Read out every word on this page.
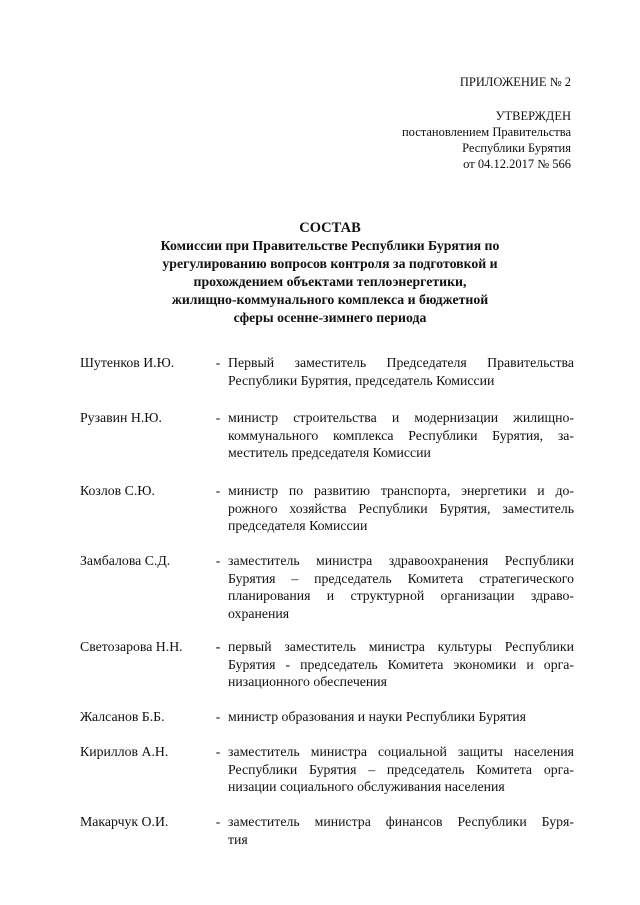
ПРИЛОЖЕНИЕ № 2
УТВЕРЖДЕН
постановлением Правительства
Республики Бурятия
от 04.12.2017 № 566
СОСТАВ
Комиссии при Правительстве Республики Бурятия по
урегулированию вопросов контроля за подготовкой и
прохождением объектами теплоэнергетики,
жилищно-коммунального комплекса и бюджетной
сферы осенне-зимнего периода
Шутенков И.Ю.	- Первый заместитель Председателя Правительства
Республики Бурятия, председатель Комиссии
Рузавин Н.Ю.	- министр строительства и модернизации жилищно-
коммунального комплекса Республики Бурятия, за-
меститель председателя Комиссии
Козлов С.Ю.	- министр по развитию транспорта, энергетики и до-
рожного хозяйства Республики Бурятия, заместитель
председателя Комиссии
Замбалова С.Д.	- заместитель министра здравоохранения Республики
Бурятия – председатель Комитета стратегического
планирования и структурной организации здраво-
охранения
Светозарова Н.Н.	- первый заместитель министра культуры Республики
Бурятия - председатель Комитета экономики и орга-
низационного обеспечения
Жалсанов Б.Б.	- министр образования и науки Республики Бурятия
Кириллов А.Н.	- заместитель министра социальной защиты населения
Республики Бурятия – председатель Комитета орга-
низации социального обслуживания населения
Макарчук О.И.	- заместитель министра финансов Республики Буря-
тия
